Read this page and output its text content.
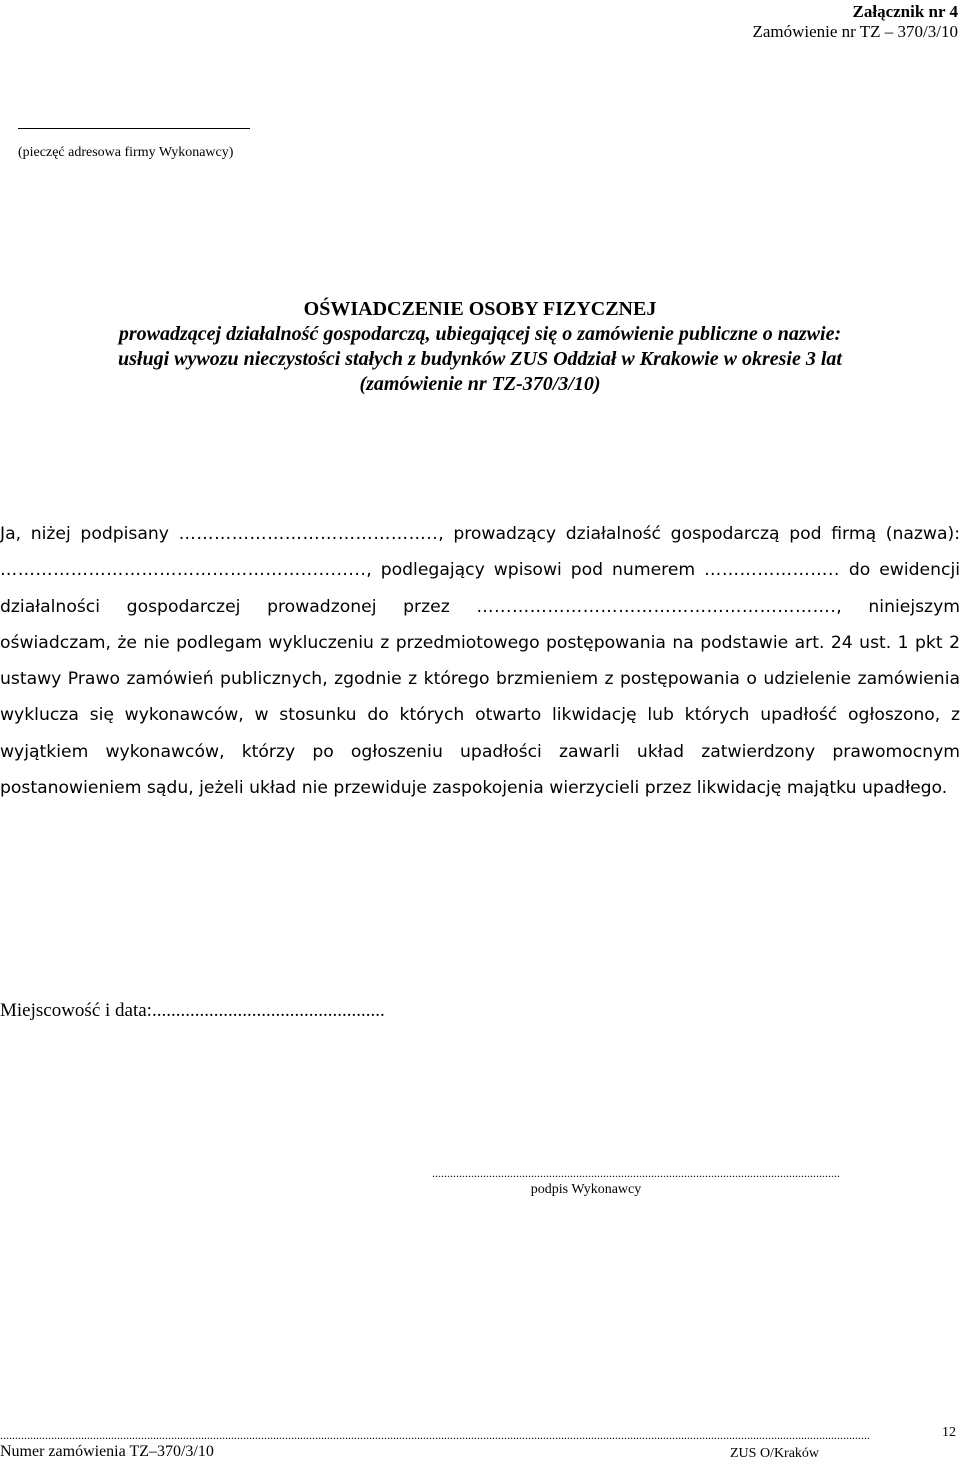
Załącznik nr 4
Zamówienie nr TZ – 370/3/10
(pieczęć adresowa firmy Wykonawcy)
OŚWIADCZENIE OSOBY FIZYCZNEJ
prowadzącej działalność gospodarczą, ubiegającej się o zamówienie publiczne o nazwie:
usługi wywozu nieczystości stałych z budynków ZUS Oddział w Krakowie w okresie 3 lat
(zamówienie nr TZ-370/3/10)
Ja, niżej podpisany …………………………………….., prowadzący działalność gospodarczą pod firmą (nazwa): ……………………………………………..........., podlegający wpisowi pod numerem ………………….. do ewidencji działalności gospodarczej prowadzonej przez …...………………………………………………., niniejszym oświadczam, że nie podlegam wykluczeniu z przedmiotowego postępowania na podstawie art. 24 ust. 1 pkt 2 ustawy Prawo zamówień publicznych, zgodnie z którego brzmieniem z postępowania o udzielenie zamówienia wyklucza się wykonawców, w stosunku do których otwarto likwidację lub których upadłość ogłoszono, z wyjątkiem wykonawców, którzy po ogłoszeniu upadłości zawarli układ zatwierdzony prawomocnym postanowieniem sądu, jeżeli układ nie przewiduje zaspokojenia wierzycieli przez likwidację majątku upadłego.
Miejscowość i data:.................................................
........................................................................................................................................
podpis Wykonawcy
..................................................................................................................................................................................................................................................................................................	12
Numer zamówienia TZ–370/3/10	ZUS O/Kraków
